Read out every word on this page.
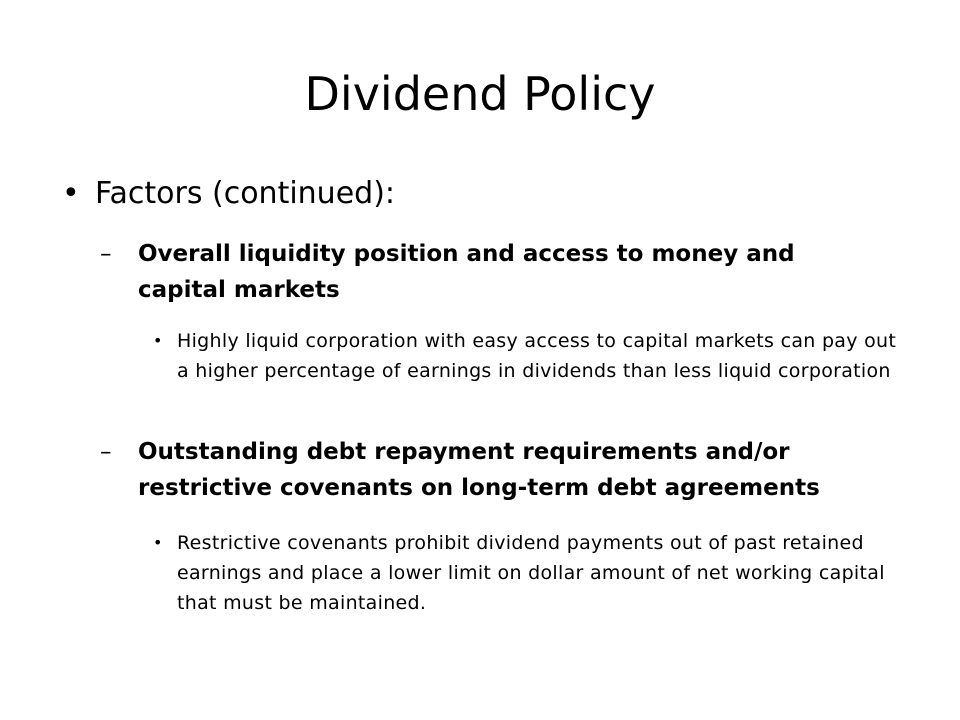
Dividend Policy
• Factors (continued):
– Overall liquidity position and access to money and capital markets
• Highly liquid corporation with easy access to capital markets can pay out a higher percentage of earnings in dividends than less liquid corporation
– Outstanding debt repayment requirements and/or restrictive covenants on long-term debt agreements
• Restrictive covenants prohibit dividend payments out of past retained earnings and place a lower limit on dollar amount of net working capital that must be maintained.
